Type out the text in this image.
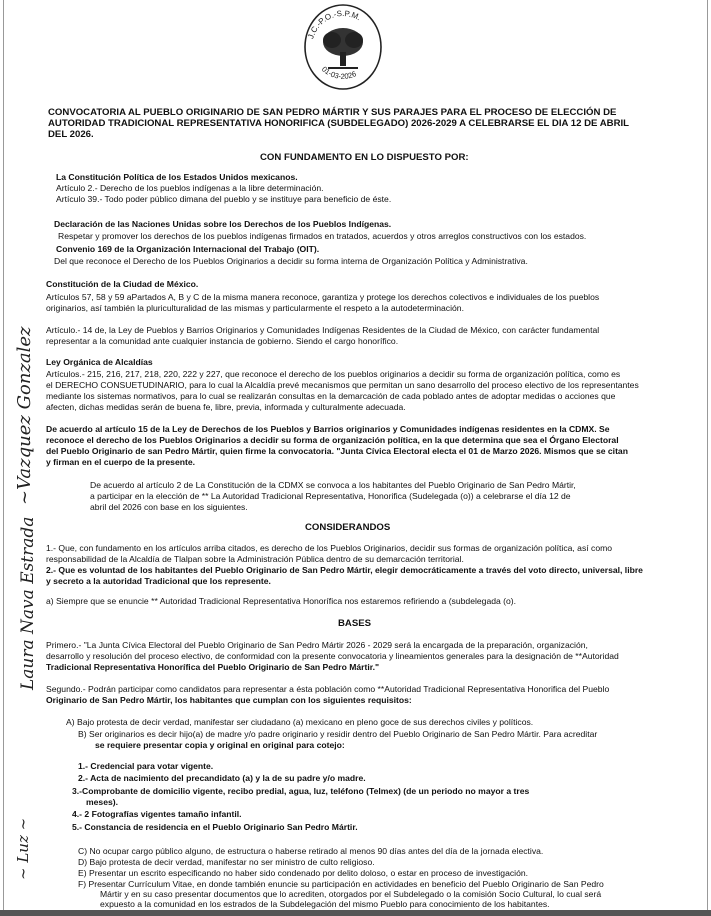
J.C.-P.O.-S.P.M.
01-03-2026
~Vazquez Gonzalez
Laura Nava Estrada
~ Luz ~
CONVOCATORIA AL PUEBLO ORIGINARIO DE SAN PEDRO MÁRTIR Y SUS PARAJES PARA EL PROCESO DE ELECCIÓN DE
AUTORIDAD TRADICIONAL REPRESENTATIVA HONORIFICA (SUBDELEGADO) 2026-2029 A CELEBRARSE EL DIA 12 DE ABRIL
DEL 2026.
CON FUNDAMENTO EN LO DISPUESTO POR:
La Constitución Política de los Estados Unidos mexicanos.
Artículo 2.- Derecho de los pueblos indígenas a la libre determinación.
Artículo 39.- Todo poder público dimana del pueblo y se instituye para beneficio de éste.
Declaración de las Naciones Unidas sobre los Derechos de los Pueblos Indígenas.
Respetar y promover los derechos de los pueblos indígenas firmados en tratados, acuerdos y otros arreglos constructivos con los estados.
Convenio 169 de la Organización Internacional del Trabajo (OIT).
Del que reconoce el Derecho de los Pueblos Originarios a decidir su forma interna de Organización Política y Administrativa.
Constitución de la Ciudad de México.
Artículos 57, 58 y 59 aPartados A, B y C de la misma manera reconoce, garantiza y protege los derechos colectivos e individuales de los pueblos
originarios, así también la pluriculturalidad de las mismas y particularmente el respeto a la autodeterminación.
Artículo.- 14 de, la Ley de Pueblos y Barrios Originarios y Comunidades Indígenas Residentes de la Ciudad de México, con carácter fundamental
representar a la comunidad ante cualquier instancia de gobierno. Siendo el cargo honorífico.
Ley Orgánica de Alcaldías
Artículos.- 215, 216, 217, 218, 220, 222 y 227, que reconoce el derecho de los pueblos originarios a decidir su forma de organización política, como es
el DERECHO CONSUETUDINARIO, para lo cual la Alcaldía prevé mecanismos que permitan un sano desarrollo del proceso electivo de los representantes
mediante los sistemas normativos, para lo cual se realizarán consultas en la demarcación de cada poblado antes de adoptar medidas o acciones que
afecten, dichas medidas serán de buena fe, libre, previa, informada y culturalmente adecuada.
De acuerdo al artículo 15 de la Ley de Derechos de los Pueblos y Barrios originarios y Comunidades indígenas residentes en la CDMX. Se
reconoce el derecho de los Pueblos Originarios a decidir su forma de organización política, en la que determina que sea el Órgano Electoral
del Pueblo Originario de san Pedro Mártir, quien firme la convocatoria. "Junta Cívica Electoral electa el 01 de Marzo 2026. Mismos que se citan
y firman en el cuerpo de la presente.
De acuerdo al artículo 2 de La Constitución de la CDMX se convoca a los habitantes del Pueblo Originario de San Pedro Mártir,
a participar en la elección de ** La Autoridad Tradicional Representativa, Honorifica (Sudelegada (o)) a celebrarse el día 12 de
abril del 2026 con base en los siguientes.
CONSIDERANDOS
1.- Que, con fundamento en los artículos arriba citados, es derecho de los Pueblos Originarios, decidir sus formas de organización política, así como
responsabilidad de la Alcaldía de Tlalpan sobre la Administración Pública dentro de su demarcación territorial.
2.- Que es voluntad de los habitantes del Pueblo Originario de San Pedro Mártir, elegir democráticamente a través del voto directo, universal, libre
y secreto a la autoridad Tradicional que los represente.
a) Siempre que se enuncie ** Autoridad Tradicional Representativa Honorífica nos estaremos refiriendo a (subdelegada (o).
BASES
Primero.- "La Junta Cívica Electoral del Pueblo Originario de San Pedro Mártir 2026 - 2029 será la encargada de la preparación, organización,
desarrollo y resolución del proceso electivo, de conformidad con la presente convocatoria y lineamientos generales para la designación de **Autoridad
Tradicional Representativa Honorífica del Pueblo Originario de San Pedro Mártir."
Segundo.- Podrán participar como candidatos para representar a ésta población como **Autoridad Tradicional Representativa Honorifica del Pueblo
Originario de San Pedro Mártir, los habitantes que cumplan con los siguientes requisitos:
A) Bajo protesta de decir verdad, manifestar ser ciudadano (a) mexicano en pleno goce de sus derechos civiles y políticos.
B) Ser originarios es decir hijo(a) de madre y/o padre originario y residir dentro del Pueblo Originario de San Pedro Mártir. Para acreditar
se requiere presentar copia y original en original para cotejo:
1.- Credencial para votar vigente.
2.- Acta de nacimiento del precandidato (a) y la de su padre y/o madre.
3.-Comprobante de domicilio vigente, recibo predial, agua, luz, teléfono (Telmex) (de un periodo no mayor a tres
meses).
4.- 2 Fotografías vigentes tamaño infantil.
5.- Constancia de residencia en el Pueblo Originario San Pedro Mártir.
C) No ocupar cargo público alguno, de estructura o haberse retirado al menos 90 días antes del día de la jornada electiva.
D) Bajo protesta de decir verdad, manifestar no ser ministro de culto religioso.
E) Presentar un escrito especificando no haber sido condenado por delito doloso, o estar en proceso de investigación.
F) Presentar Currículum Vitae, en donde también enuncie su participación en actividades en beneficio del Pueblo Originario de San Pedro
Mártir y en su caso presentar documentos que lo acrediten, otorgados por el Subdelegado o la comisión Socio Cultural, lo cual será
expuesto a la comunidad en los estrados de la Subdelegación del mismo Pueblo para conocimiento de los habitantes.
